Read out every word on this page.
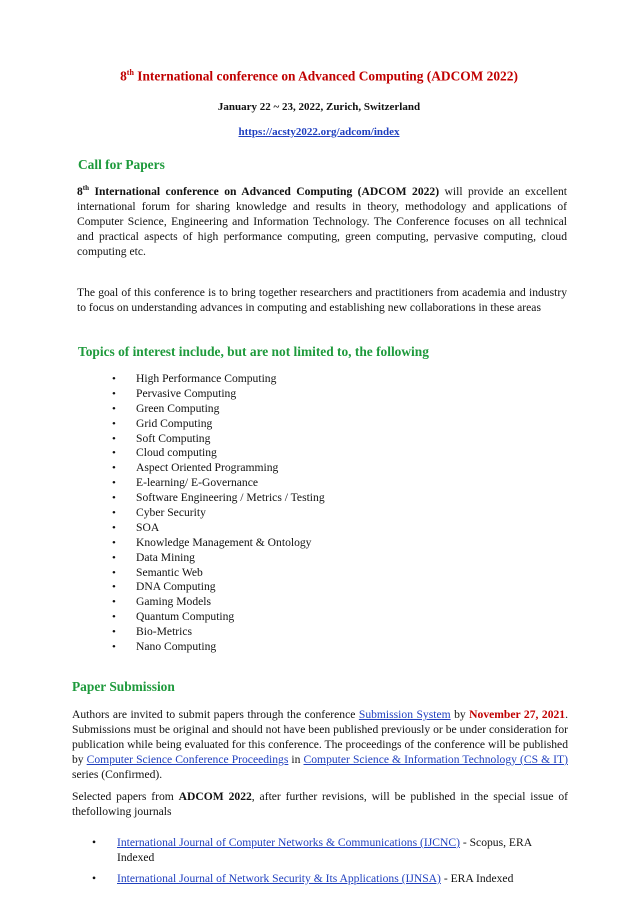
8th International conference on Advanced Computing (ADCOM 2022)
January 22 ~ 23, 2022, Zurich, Switzerland
https://acsty2022.org/adcom/index
Call for Papers
8th International conference on Advanced Computing (ADCOM 2022) will provide an excellent international forum for sharing knowledge and results in theory, methodology and applications of Computer Science, Engineering and Information Technology. The Conference focuses on all technical and practical aspects of high performance computing, green computing, pervasive computing, cloud computing etc.
The goal of this conference is to bring together researchers and practitioners from academia and industry to focus on understanding advances in computing and establishing new collaborations in these areas
Topics of interest include, but are not limited to, the following
• High Performance Computing
• Pervasive Computing
• Green Computing
• Grid Computing
• Soft Computing
• Cloud computing
• Aspect Oriented Programming
• E-learning/ E-Governance
• Software Engineering / Metrics / Testing
• Cyber Security
• SOA
• Knowledge Management & Ontology
• Data Mining
• Semantic Web
• DNA Computing
• Gaming Models
• Quantum Computing
• Bio-Metrics
• Nano Computing
Paper Submission
Authors are invited to submit papers through the conference Submission System by November 27, 2021. Submissions must be original and should not have been published previously or be under consideration for publication while being evaluated for this conference. The proceedings of the conference will be published by Computer Science Conference Proceedings in Computer Science & Information Technology (CS & IT) series (Confirmed).
Selected papers from ADCOM 2022, after further revisions, will be published in the special issue of thefollowing journals
• International Journal of Computer Networks & Communications (IJCNC) - Scopus, ERA Indexed
• International Journal of Network Security & Its Applications (IJNSA) - ERA Indexed
